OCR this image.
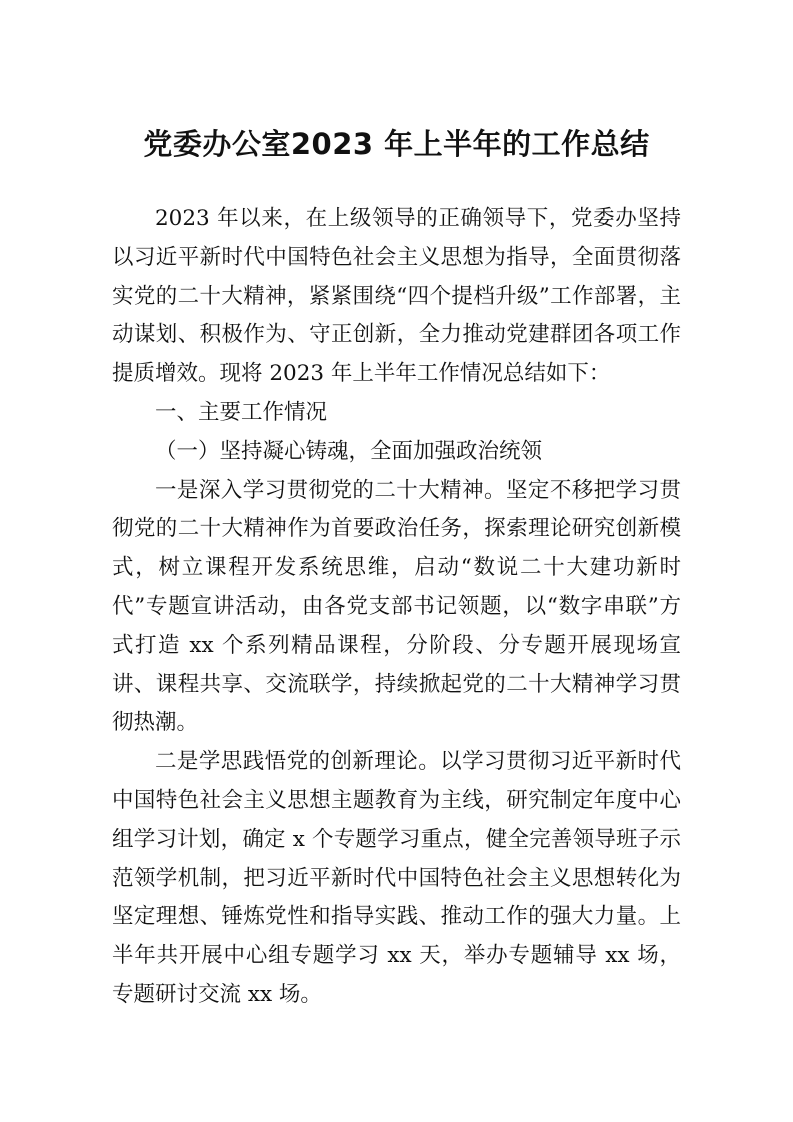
党委办公室2023 年上半年的工作总结

2023 年以来，在上级领导的正确领导下，党委办坚持以习近平新时代中国特色社会主义思想为指导，全面贯彻落实党的二十大精神，紧紧围绕“四个提档升级”工作部署，主动谋划、积极作为、守正创新，全力推动党建群团各项工作提质增效。现将 2023 年上半年工作情况总结如下：

一、主要工作情况

（一）坚持凝心铸魂，全面加强政治统领

一是深入学习贯彻党的二十大精神。坚定不移把学习贯彻党的二十大精神作为首要政治任务，探索理论研究创新模式，树立课程开发系统思维，启动“数说二十大建功新时代”专题宣讲活动，由各党支部书记领题，以“数字串联”方式打造 xx 个系列精品课程，分阶段、分专题开展现场宣讲、课程共享、交流联学，持续掀起党的二十大精神学习贯彻热潮。

二是学思践悟党的创新理论。以学习贯彻习近平新时代中国特色社会主义思想主题教育为主线，研究制定年度中心组学习计划，确定 x 个专题学习重点，健全完善领导班子示范领学机制，把习近平新时代中国特色社会主义思想转化为坚定理想、锤炼党性和指导实践、推动工作的强大力量。上半年共开展中心组专题学习 xx 天，举办专题辅导 xx 场，专题研讨交流 xx 场。
